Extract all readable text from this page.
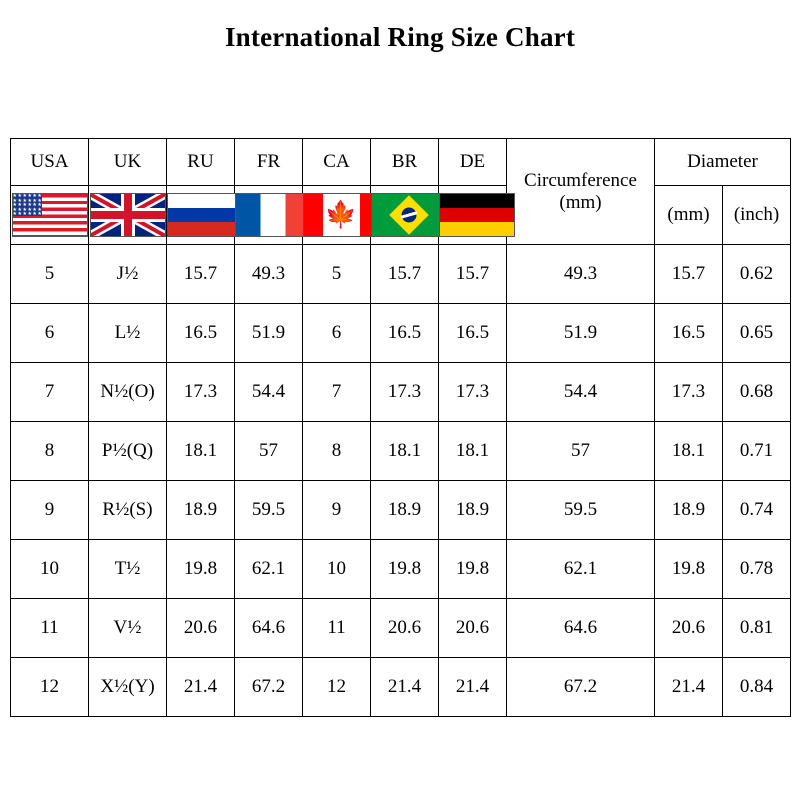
International Ring Size Chart
USA	UK	RU	FR	CA	BR	DE	Circumference (mm)	Diameter	

★★★★★★
★★★★★★
★★★★★★
★★★★★★
★★★★★★				🍁				(mm)	(inch)
5	J½	15.7	49.3	5	15.7	15.7	49.3	15.7	0.62
6	L½	16.5	51.9	6	16.5	16.5	51.9	16.5	0.65
7	N½(O)	17.3	54.4	7	17.3	17.3	54.4	17.3	0.68
8	P½(Q)	18.1	57	8	18.1	18.1	57	18.1	0.71
9	R½(S)	18.9	59.5	9	18.9	18.9	59.5	18.9	0.74
10	T½	19.8	62.1	10	19.8	19.8	62.1	19.8	0.78
11	V½	20.6	64.6	11	20.6	20.6	64.6	20.6	0.81
12	X½(Y)	21.4	67.2	12	21.4	21.4	67.2	21.4	0.84
